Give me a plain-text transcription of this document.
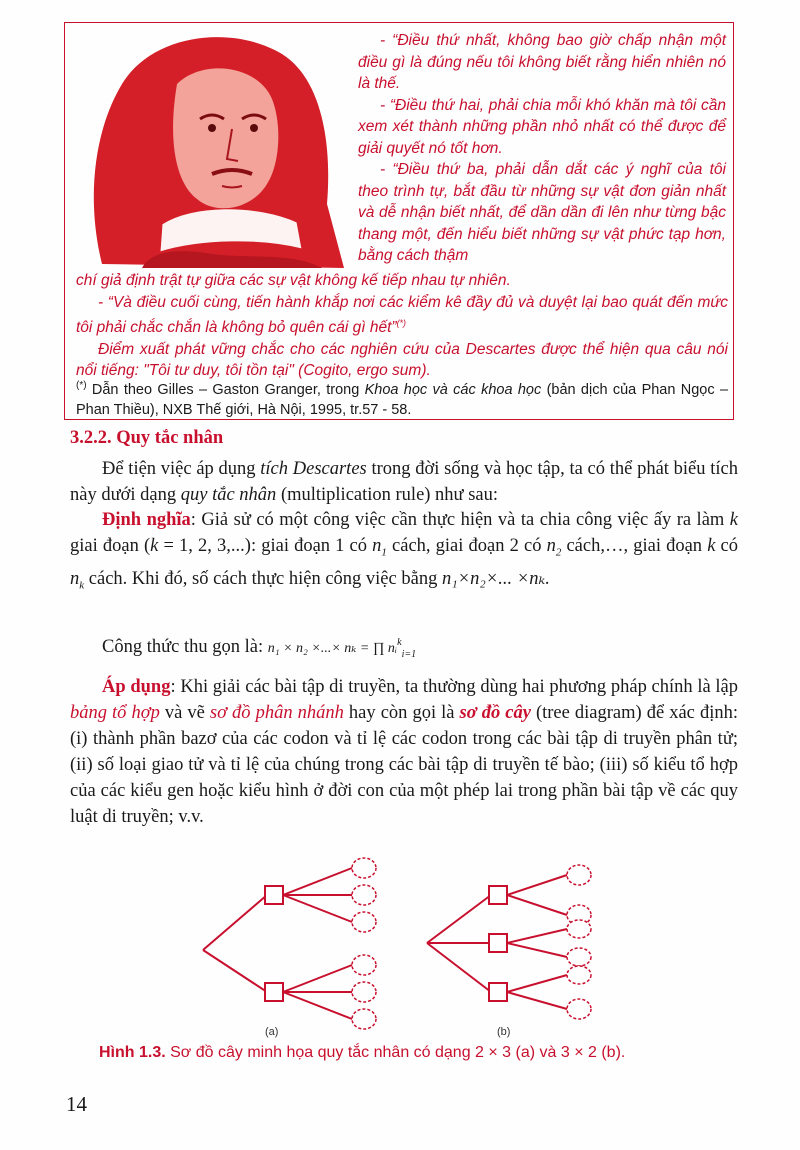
- “Điều thứ nhất, không bao giờ chấp nhận một điều gì là đúng nếu tôi không biết rằng hiển nhiên nó là thế.

- “Điều thứ hai, phải chia mỗi khó khăn mà tôi cần xem xét thành những phần nhỏ nhất có thể được để giải quyết nó tốt hơn.

- “Điều thứ ba, phải dẫn dắt các ý nghĩ của tôi theo trình tự, bắt đầu từ những sự vật đơn giản nhất và dễ nhận biết nhất, để dần dần đi lên như từng bậc thang một, đến hiểu biết những sự vật phức tạp hơn, bằng cách thậm

chí giả định trật tự giữa các sự vật không kế tiếp nhau tự nhiên.

- “Và điều cuối cùng, tiến hành khắp nơi các kiểm kê đầy đủ và duyệt lại bao quát đến mức tôi phải chắc chắn là không bỏ quên cái gì hết”(*)

Điểm xuất phát vững chắc cho các nghiên cứu của Descartes được thể hiện qua câu nói nổi tiếng: "Tôi tư duy, tôi tồn tại" (Cogito, ergo sum).

(*) Dẫn theo Gilles – Gaston Granger, trong Khoa học và các khoa học (bản dịch của Phan Ngọc – Phan Thiều), NXB Thế giới, Hà Nội, 1995, tr.57 - 58.
3.2.2. Quy tắc nhân

Để tiện việc áp dụng tích Descartes trong đời sống và học tập, ta có thể phát biểu tích này dưới dạng quy tắc nhân (multiplication rule) như sau:

Định nghĩa: Giả sử có một công việc cần thực hiện và ta chia công việc ấy ra làm k giai đoạn (k = 1, 2, 3,...): giai đoạn 1 có $n_1$ cách, giai đoạn 2 có $n_2$ cách,…, giai đoạn k có $n_k$ cách. Khi đó, số cách thực hiện công việc bằng n₁×n₂×... ×nₖ.

Công thức thu gọn là: n₁ × n₂ ×...× nₖ = ∏ nᵢ$^k_{i=1}$

Áp dụng: Khi giải các bài tập di truyền, ta thường dùng hai phương pháp chính là lập bảng tổ hợp và vẽ sơ đồ phân nhánh hay còn gọi là sơ đồ cây (tree diagram) để xác định: (i) thành phần bazơ của các codon và tỉ lệ các codon trong các bài tập di truyền phân tử; (ii) số loại giao tử và tỉ lệ của chúng trong các bài tập di truyền tế bào; (iii) số kiểu tổ hợp của các kiểu gen hoặc kiểu hình ở đời con của một phép lai trong phần bài tập về các quy luật di truyền; v.v.

(a)	(b)
Hình 1.3. Sơ đồ cây minh họa quy tắc nhân có dạng 2 × 3 (a) và 3 × 2 (b).
14
